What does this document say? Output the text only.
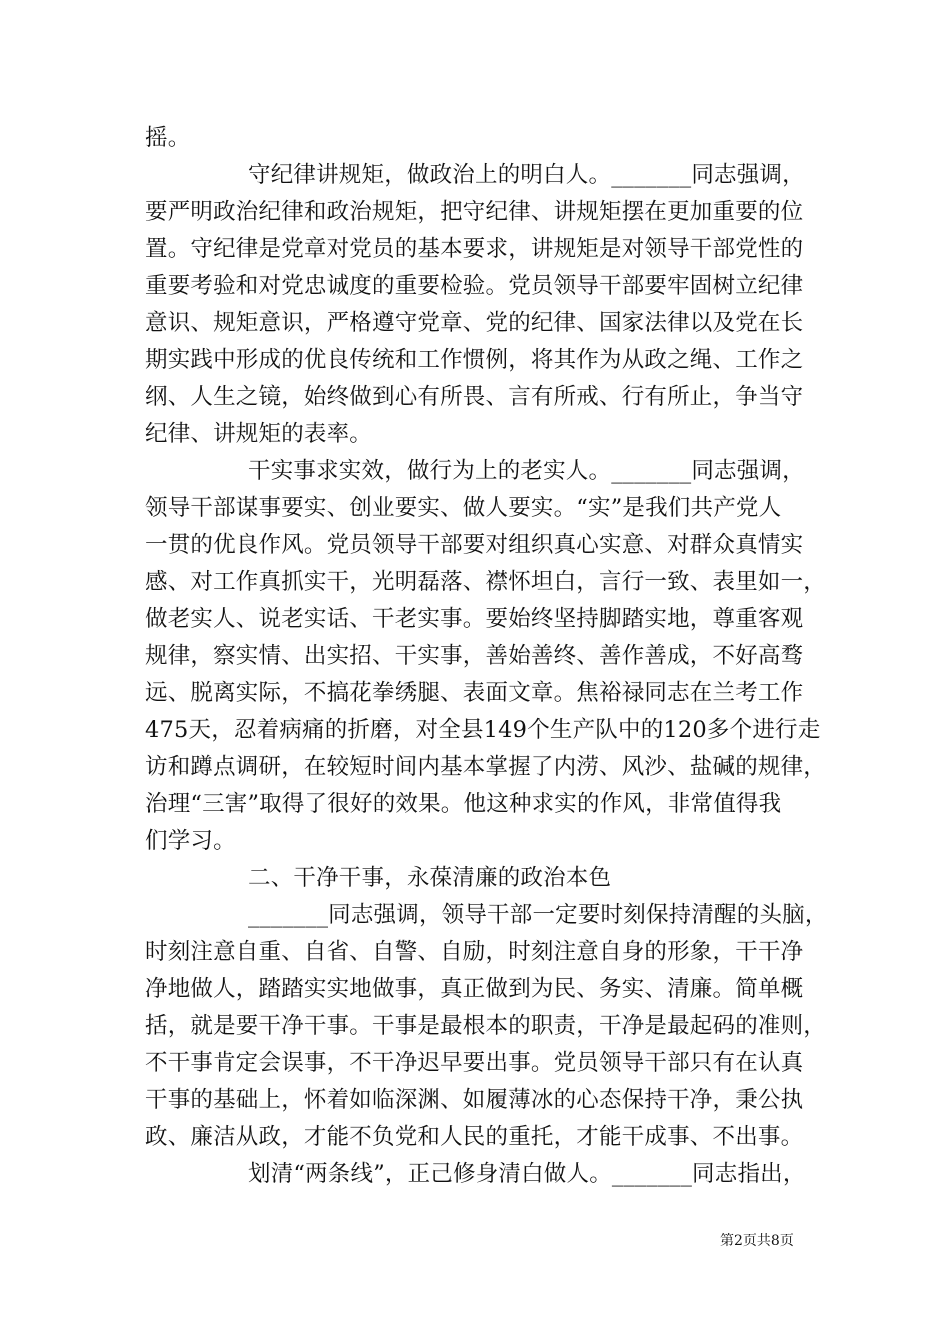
摇。
守纪律讲规矩，做政治上的明白人。_______同志强调，
要严明政治纪律和政治规矩，把守纪律、讲规矩摆在更加重要的位
置。守纪律是党章对党员的基本要求，讲规矩是对领导干部党性的
重要考验和对党忠诚度的重要检验。党员领导干部要牢固树立纪律
意识、规矩意识，严格遵守党章、党的纪律、国家法律以及党在长
期实践中形成的优良传统和工作惯例，将其作为从政之绳、工作之
纲、人生之镜，始终做到心有所畏、言有所戒、行有所止，争当守
纪律、讲规矩的表率。
干实事求实效，做行为上的老实人。_______同志强调，
领导干部谋事要实、创业要实、做人要实。“实”是我们共产党人
一贯的优良作风。党员领导干部要对组织真心实意、对群众真情实
感、对工作真抓实干，光明磊落、襟怀坦白，言行一致、表里如一，
做老实人、说老实话、干老实事。要始终坚持脚踏实地，尊重客观
规律，察实情、出实招、干实事，善始善终、善作善成，不好高骛
远、脱离实际，不搞花拳绣腿、表面文章。焦裕禄同志在兰考工作
475天，忍着病痛的折磨，对全县149个生产队中的120多个进行走
访和蹲点调研，在较短时间内基本掌握了内涝、风沙、盐碱的规律，
治理“三害”取得了很好的效果。他这种求实的作风，非常值得我
们学习。
二、干净干事，永葆清廉的政治本色
_______同志强调，领导干部一定要时刻保持清醒的头脑，
时刻注意自重、自省、自警、自励，时刻注意自身的形象，干干净
净地做人，踏踏实实地做事，真正做到为民、务实、清廉。简单概
括，就是要干净干事。干事是最根本的职责，干净是最起码的准则，
不干事肯定会误事，不干净迟早要出事。党员领导干部只有在认真
干事的基础上，怀着如临深渊、如履薄冰的心态保持干净，秉公执
政、廉洁从政，才能不负党和人民的重托，才能干成事、不出事。
划清“两条线”，正己修身清白做人。_______同志指出，
第2页共8页
